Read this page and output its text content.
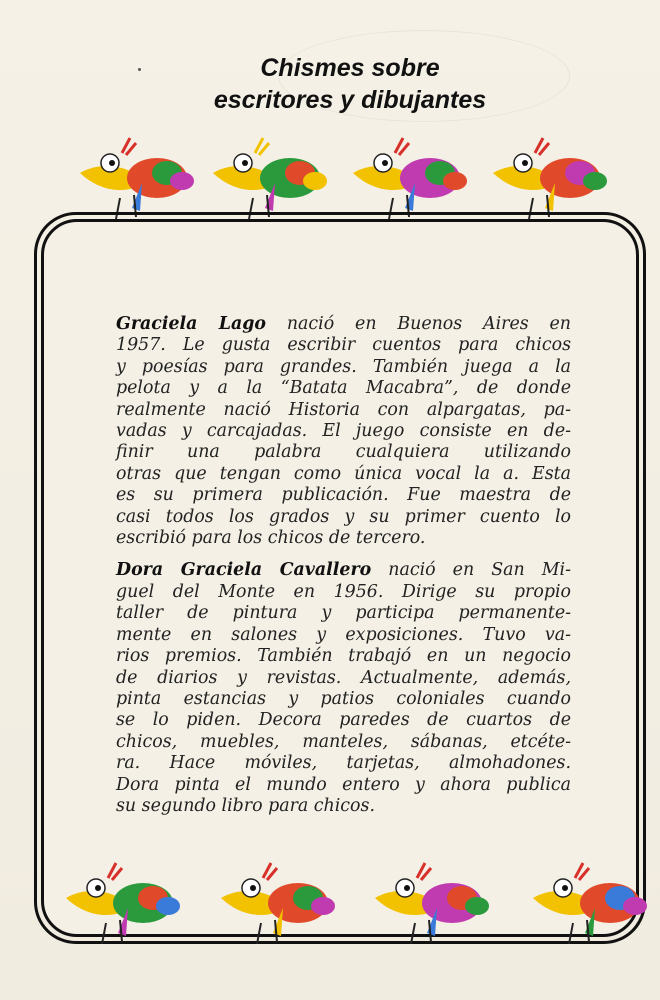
Chismes sobre
escritores y dibujantes
Graciela Lago nació en Buenos Aires en
1957. Le gusta escribir cuentos para chicos
y poesías para grandes. También juega a la
pelota y a la “Batata Macabra”, de donde
realmente nació Historia con alpargatas, pa-
vadas y carcajadas. El juego consiste en de-
finir una palabra cualquiera utilizando
otras que tengan como única vocal la a. Esta
es su primera publicación. Fue maestra de
casi todos los grados y su primer cuento lo
escribió para los chicos de tercero.
Dora Graciela Cavallero nació en San Mi-
guel del Monte en 1956. Dirige su propio
taller de pintura y participa permanente-
mente en salones y exposiciones. Tuvo va-
rios premios. También trabajó en un negocio
de diarios y revistas. Actualmente, además,
pinta estancias y patios coloniales cuando
se lo piden. Decora paredes de cuartos de
chicos, muebles, manteles, sábanas, etcéte-
ra. Hace móviles, tarjetas, almohadones.
Dora pinta el mundo entero y ahora publica
su segundo libro para chicos.
